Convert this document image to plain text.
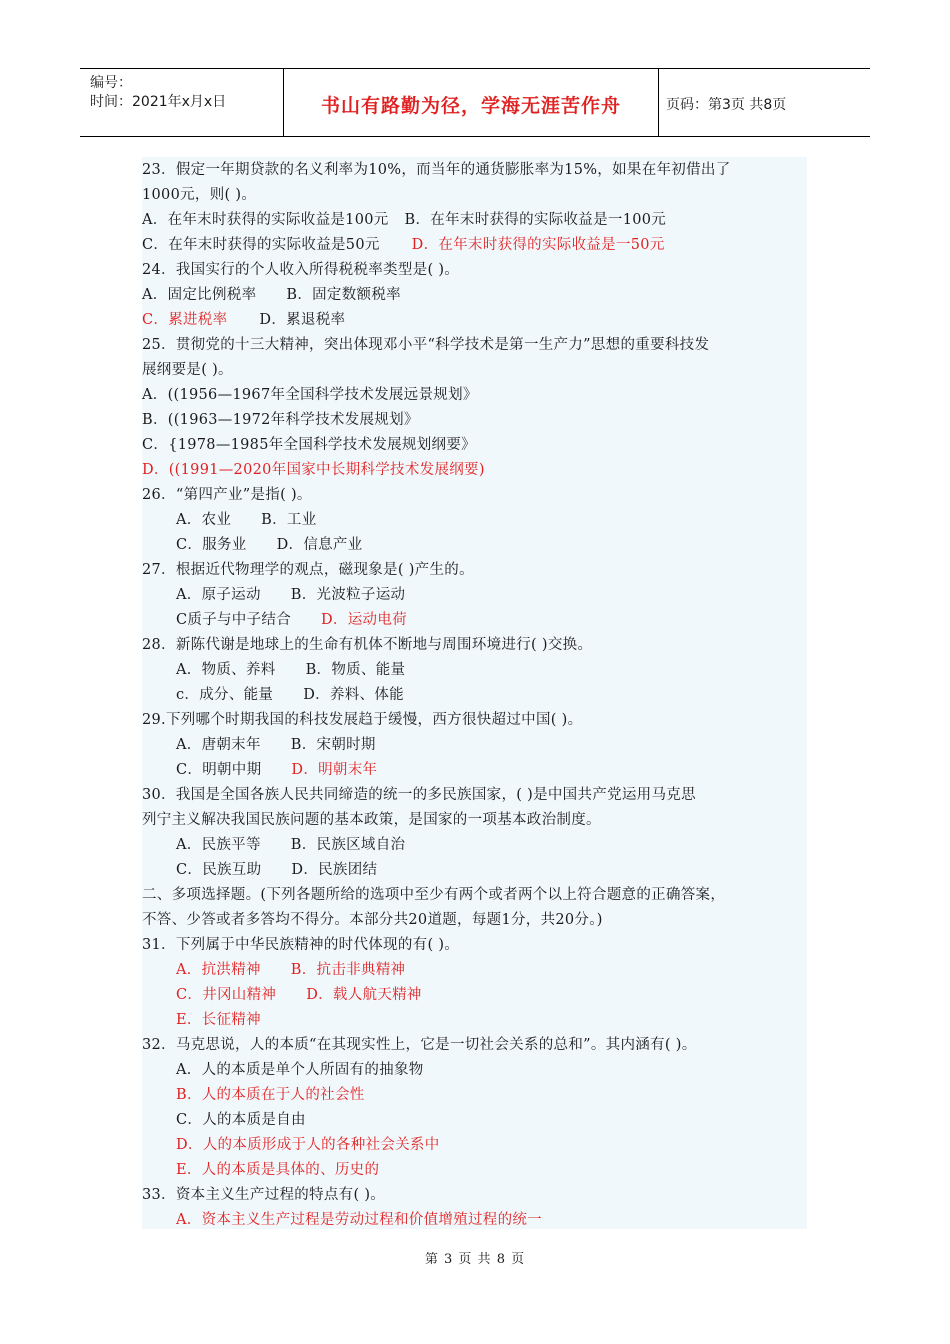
编号：
时间：2021年x月x日	书山有路勤为径，学海无涯苦作舟	页码：第3页 共8页
23．假定一年期贷款的名义利率为10%，而当年的通货膨胀率为15%，如果在年初借出了
1000元，则( )。
A．在年末时获得的实际收益是100元 B．在年末时获得的实际收益是一100元
C．在年末时获得的实际收益是50元 D．在年末时获得的实际收益是一50元
24．我国实行的个人收入所得税税率类型是( )。
A．固定比例税率 B．固定数额税率
C．累进税率 D．累退税率
25．贯彻党的十三大精神，突出体现邓小平“科学技术是第一生产力”思想的重要科技发
展纲要是( )。
A．((1956—1967年全国科学技术发展远景规划》
B．((1963—1972年科学技术发展规划》
C．{1978—1985年全国科学技术发展规划纲要》
D．((1991—2020年国家中长期科学技术发展纲要)
26．“第四产业”是指( )。
A．农业 B．工业
C．服务业 D．信息产业
27．根据近代物理学的观点，磁现象是( )产生的。
A．原子运动 B．光波粒子运动
C质子与中子结合 D．运动电荷
28．新陈代谢是地球上的生命有机体不断地与周围环境进行( )交换。
A．物质、养料 B．物质、能量
c．成分、能量 D．养料、体能
29.下列哪个时期我国的科技发展趋于缓慢，西方很快超过中国( )。
A．唐朝末年 B．宋朝时期
C．明朝中期 D．明朝末年
30．我国是全国各族人民共同缔造的统一的多民族国家，( )是中国共产党运用马克思
列宁主义解决我国民族问题的基本政策，是国家的一项基本政治制度。
A．民族平等 B．民族区域自治
C．民族互助 D．民族团结
二、多项选择题。(下列各题所给的选项中至少有两个或者两个以上符合题意的正确答案，
不答、少答或者多答均不得分。本部分共20道题，每题1分，共20分。)
31．下列属于中华民族精神的时代体现的有( )。
A．抗洪精神 B．抗击非典精神
C．井冈山精神 D．载人航天精神
E．长征精神
32．马克思说，人的本质“在其现实性上，它是一切社会关系的总和”。其内涵有( )。
A．人的本质是单个人所固有的抽象物
B．人的本质在于人的社会性
C．人的本质是自由
D．人的本质形成于人的各种社会关系中
E．人的本质是具体的、历史的
33．资本主义生产过程的特点有( )。
A．资本主义生产过程是劳动过程和价值增殖过程的统一
第 3 页 共 8 页
